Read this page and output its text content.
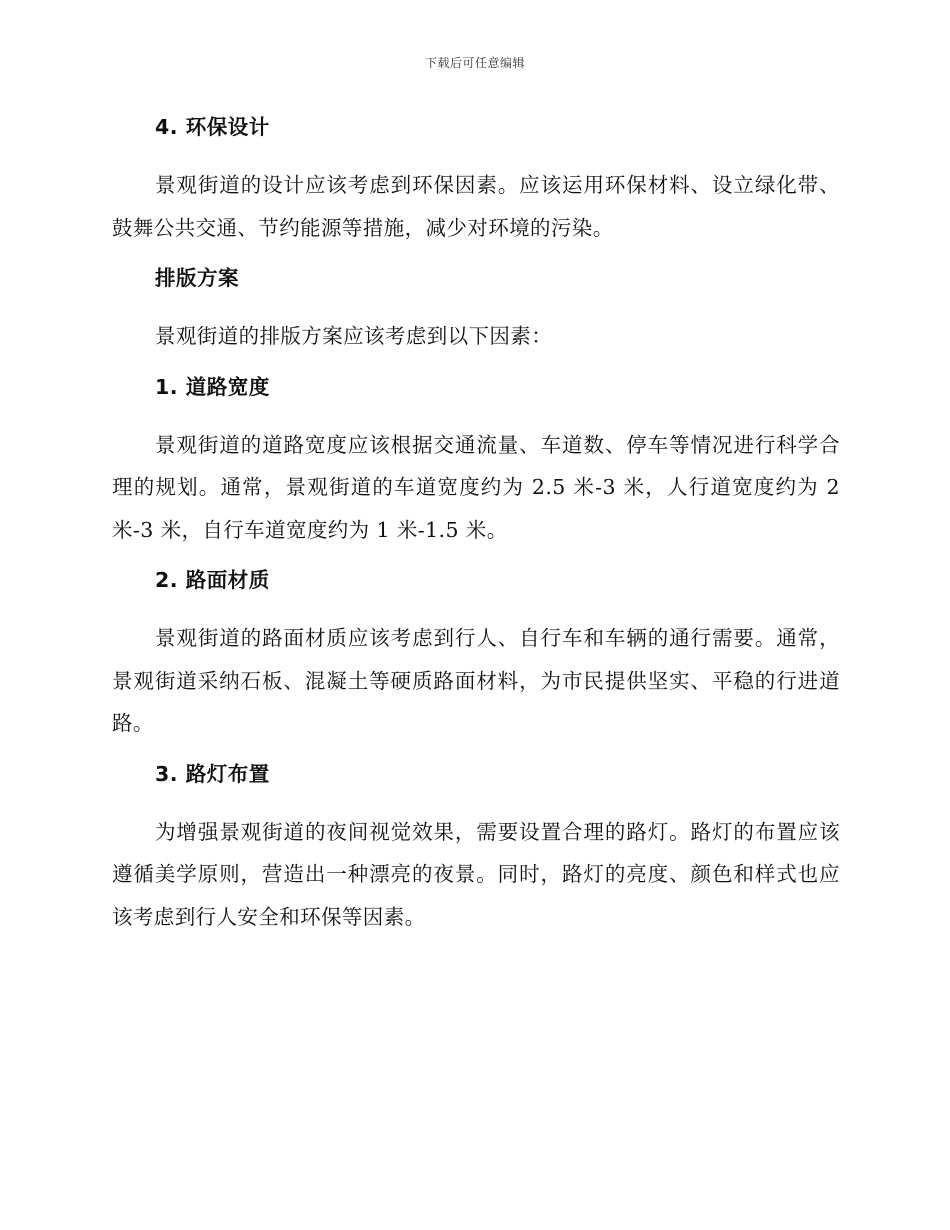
下载后可任意编辑
4. 环保设计

景观街道的设计应该考虑到环保因素。应该运用环保材料、设立绿化带、鼓舞公共交通、节约能源等措施，减少对环境的污染。

排版方案

景观街道的排版方案应该考虑到以下因素：

1. 道路宽度

景观街道的道路宽度应该根据交通流量、车道数、停车等情况进行科学合理的规划。通常，景观街道的车道宽度约为 2.5 米-3 米，人行道宽度约为 2 米-3 米，自行车道宽度约为 1 米-1.5 米。

2. 路面材质

景观街道的路面材质应该考虑到行人、自行车和车辆的通行需要。通常，景观街道采纳石板、混凝土等硬质路面材料，为市民提供坚实、平稳的行进道路。

3. 路灯布置

为增强景观街道的夜间视觉效果，需要设置合理的路灯。路灯的布置应该遵循美学原则，营造出一种漂亮的夜景。同时，路灯的亮度、颜色和样式也应该考虑到行人安全和环保等因素。
